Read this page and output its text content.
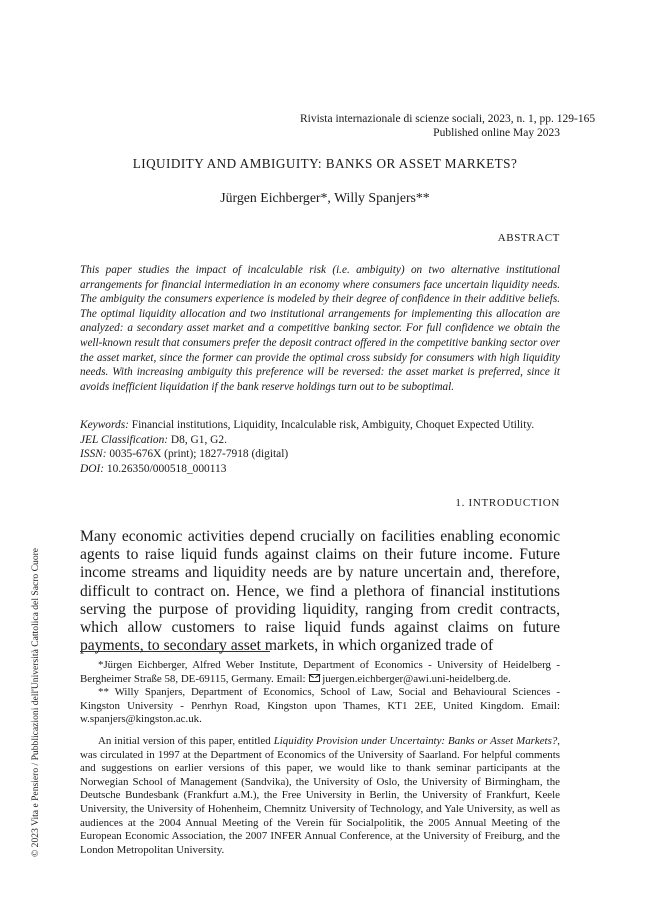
Rivista internazionale di scienze sociali, 2023, n. 1, pp. 129-165
Published online May 2023
LIQUIDITY AND AMBIGUITY: BANKS OR ASSET MARKETS?
Jürgen Eichberger*, Willy Spanjers**
ABSTRACT
This paper studies the impact of incalculable risk (i.e. ambiguity) on two alternative institutional arrangements for financial intermediation in an economy where consumers face uncertain liquidity needs. The ambiguity the consumers experience is modeled by their degree of confidence in their additive beliefs. The optimal liquidity allocation and two institutional arrangements for implementing this allocation are analyzed: a secondary asset market and a competitive banking sector. For full confidence we obtain the well-known result that consumers prefer the deposit contract offered in the competitive banking sector over the asset market, since the former can provide the optimal cross subsidy for consumers with high liquidity needs. With increasing ambiguity this preference will be reversed: the asset market is preferred, since it avoids inefficient liquidation if the bank reserve holdings turn out to be suboptimal.
Keywords: Financial institutions, Liquidity, Incalculable risk, Ambiguity, Choquet Expected Utility.
JEL Classification: D8, G1, G2.
ISSN: 0035-676X (print); 1827-7918 (digital)
DOI: 10.26350/000518_000113
1. INTRODUCTION
Many economic activities depend crucially on facilities enabling economic agents to raise liquid funds against claims on their future income. Future income streams and liquidity needs are by nature uncertain and, therefore, difficult to contract on. Hence, we find a plethora of financial institutions serving the purpose of providing liquidity, ranging from credit contracts, which allow customers to raise liquid funds against claims on future payments, to secondary asset markets, in which organized trade of

*Jürgen Eichberger, Alfred Weber Institute, Department of Economics - University of Heidelberg - Bergheimer Straße 58, DE-69115, Germany. Email: juergen.eichberger@awi.uni-heidelberg.de.

** Willy Spanjers, Department of Economics, School of Law, Social and Behavioural Sciences - Kingston University - Penrhyn Road, Kingston upon Thames, KT1 2EE, United Kingdom. Email: w.spanjers@kingston.ac.uk.

An initial version of this paper, entitled Liquidity Provision under Uncertainty: Banks or Asset Markets?, was circulated in 1997 at the Department of Economics of the University of Saarland. For helpful comments and suggestions on earlier versions of this paper, we would like to thank seminar participants at the Norwegian School of Management (Sandvika), the University of Oslo, the University of Birmingham, the Deutsche Bundesbank (Frankfurt a.M.), the Free University in Berlin, the University of Frankfurt, Keele University, the University of Hohenheim, Chemnitz University of Technology, and Yale University, as well as audiences at the 2004 Annual Meeting of the Verein für Socialpolitik, the 2005 Annual Meeting of the European Economic Association, the 2007 INFER Annual Conference, at the University of Freiburg, and the London Metropolitan University.

© 2023 Vita e Pensiero / Pubblicazioni dell'Università Cattolica del Sacro Cuore
